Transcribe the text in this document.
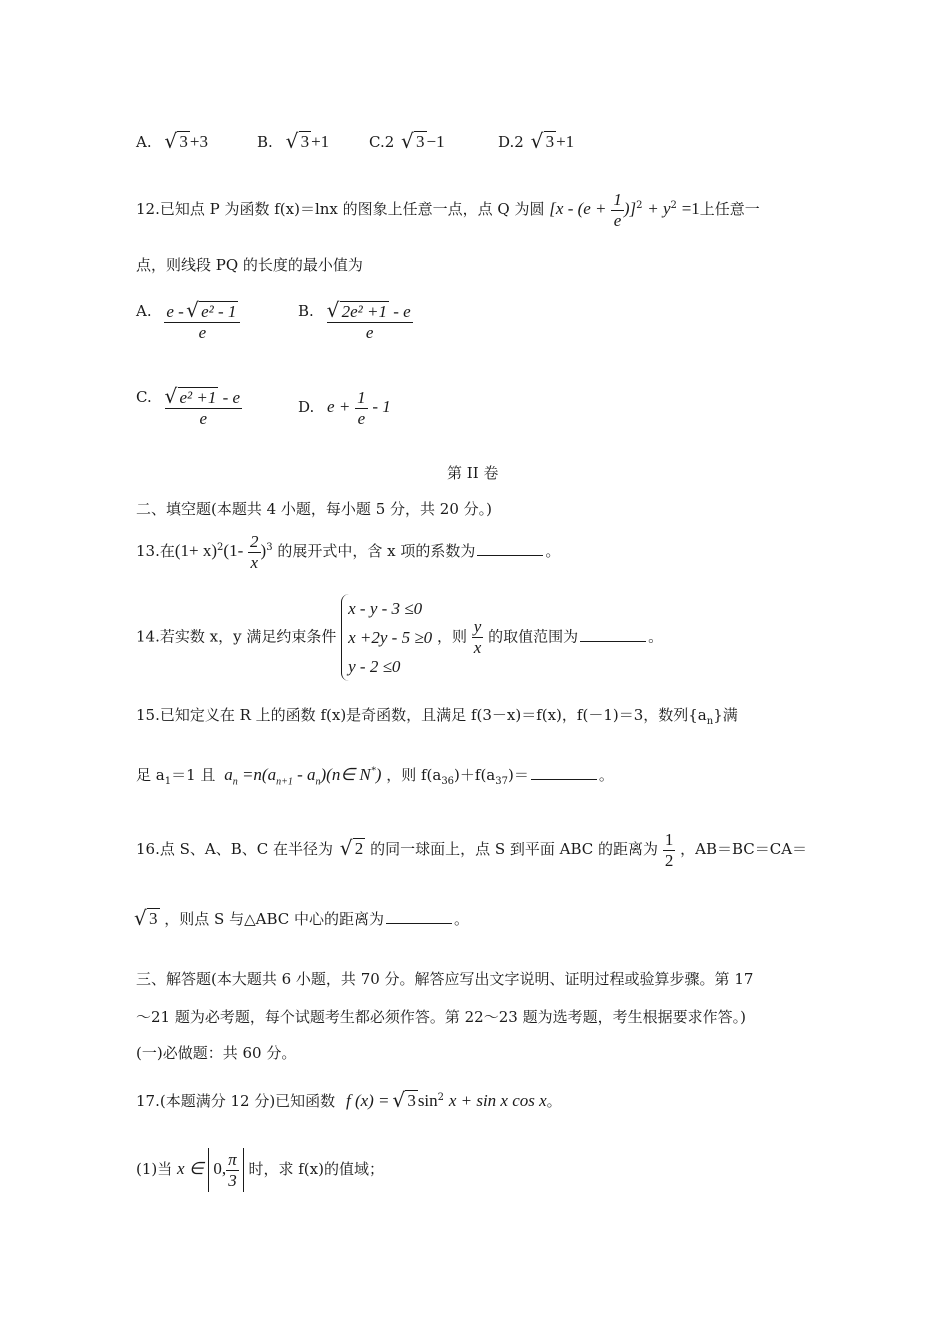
A. √ 3 +3	B. √ 3 +1	C.2 √ 3 −1	D.2 √ 3 +1
12.已知点 P 为函数 f(x)＝lnx 的图象上任意一点，点 Q 为圆 $[x - (e + \frac{1}{e} )]^2 + y^2 =1$上任意一
点，则线段 PQ 的长度的最小值为
A. $\frac{\text{e - √ e² - 1}}{e}$	B. √ $\frac{\text{2e² +1 - e}}{e}$
C. √ $\frac{\text{e² +1 - e}}{e}$	D. $e + \frac{1}{e} - 1$
第 II 卷
二、填空题(本题共 4 小题，每小题 5 分，共 20 分。)
13.在$(1+ x)^2(1- \frac{2}{x} )^3$ 的展开式中，含 x 项的系数为	。
14.若实数 x，y 满足约束条件
x - y - 3 ≤0
x +2y - 5 ≥0
y - 2 ≤0
，则 $\frac{y}{x}$ 的取值范围为	。
15.已知定义在 R 上的函数 f(x)是奇函数，且满足 f(3－x)＝f(x)，f(－1)＝3，数列$\{a_n\}$满
足 $a_1=1$ 且 $a_n =n(a_{n+1}$ - $a_n)(n\in$ N*) ，则 $f(a_{36})+f(a_{37})=$	。
16.点 S、A、B、C 在半径为 √ 2 的同一球面上，点 S 到平面 ABC 的距离为 $\frac{1}{2}$ ，AB＝BC＝CA＝
√ 3 ，则点 S 与△ABC 中心的距离为	。
三、解答题(本大题共 6 小题，共 70 分。解答应写出文字说明、证明过程或验算步骤。第 17
～21 题为必考题，每个试题考生都必须作答。第 22～23 题为选考题，考生根据要求作答。)
(一)必做题：共 60 分。
17.(本题满分 12 分)已知函数 f (x) = √ 3 $\sin^2 x + \sin x$ cos x。
(1)当 x ∈ 0, $\frac{\pi}{3}$ 时，求 f(x)的值域；
